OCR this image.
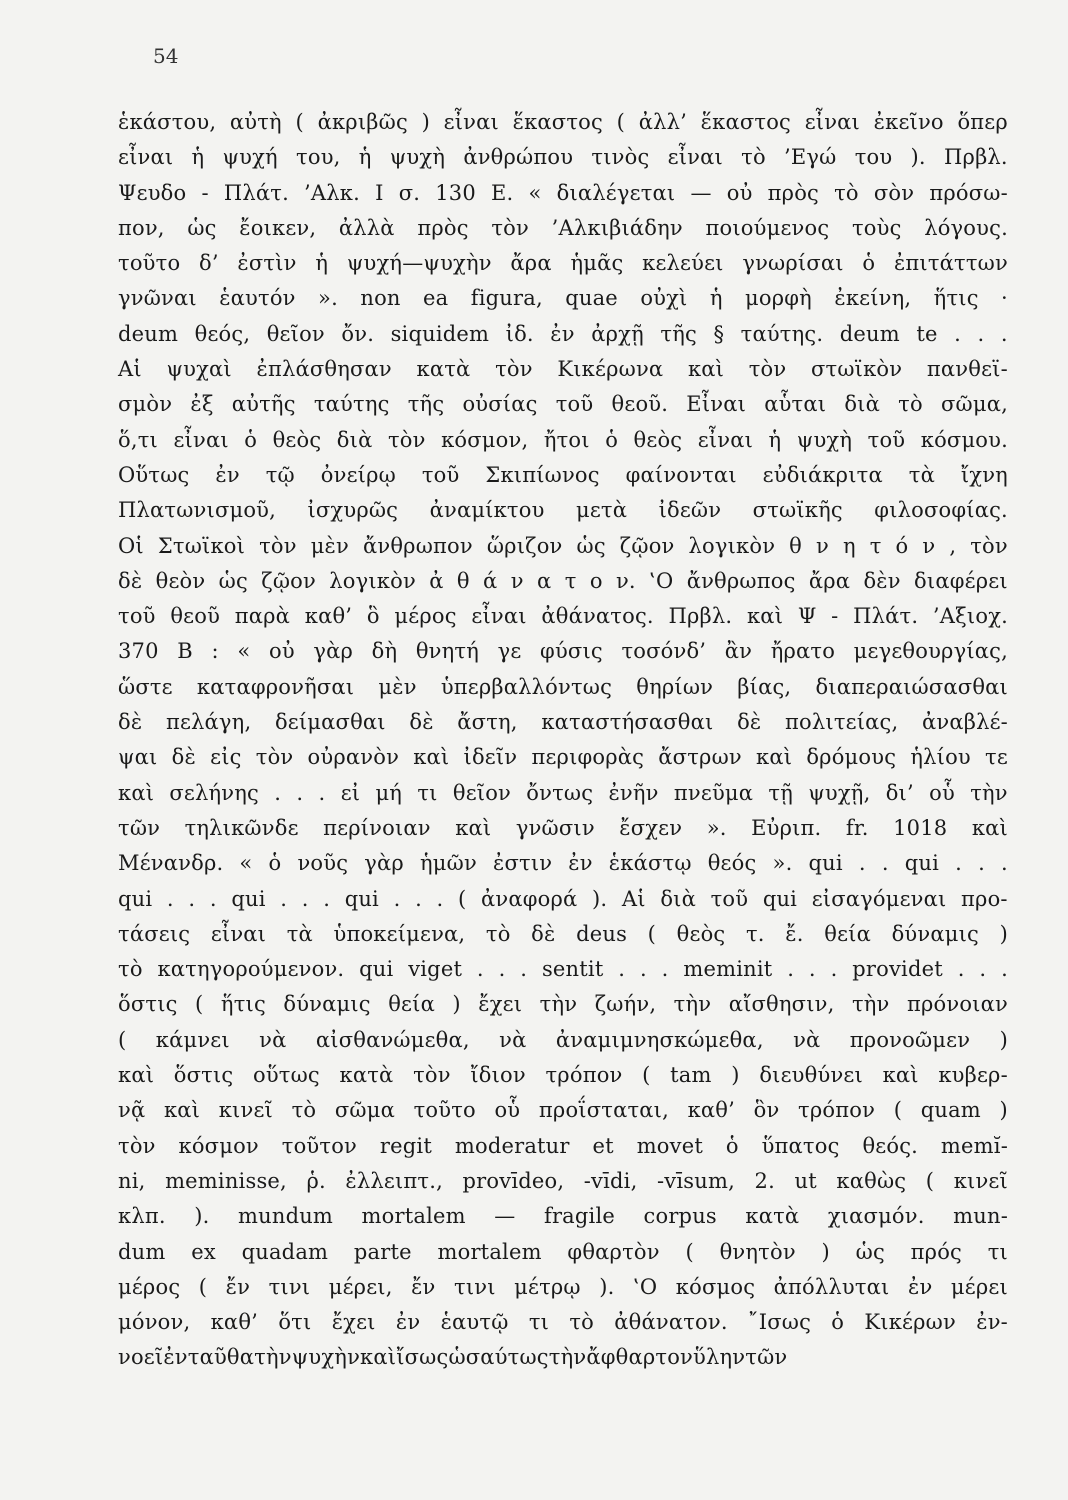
54
ἑκάστου, αὐτὴ ( ἀκριβῶς ) εἶναι ἕκαστος ( ἀλλ’ ἕκαστος εἶναι ἐκεῖνο ὅπερ
εἶναι ἡ ψυχή του, ἡ ψυχὴ ἀνθρώπου τινὸς εἶναι τὸ ’Εγώ του ). Πρβλ.
Ψευδο - Πλάτ. ’Αλκ. Ι σ. 130 Ε. « διαλέγεται — οὐ πρὸς τὸ σὸν πρόσω-
πον, ὡς ἔοικεν, ἀλλὰ πρὸς τὸν ’Αλκιβιάδην ποιούμενος τοὺς λόγους.
τοῦτο δ’ ἐστὶν ἡ ψυχή—ψυχὴν ἄρα ἡμᾶς κελεύει γνωρίσαι ὁ ἐπιτάττων
γνῶναι ἑαυτόν ». non ea figura, quae οὐχὶ ἡ μορφὴ ἐκείνη, ἥτις ·
deum θεός, θεῖον ὄν. siquidem ἰδ. ἐν ἀρχῇ τῆς § ταύτης. deum te . . .
Αἱ ψυχαὶ ἐπλάσθησαν κατὰ τὸν Κικέρωνα καὶ τὸν στωϊκὸν πανθεϊ-
σμὸν ἐξ αὐτῆς ταύτης τῆς οὐσίας τοῦ θεοῦ. Εἶναι αὗται διὰ τὸ σῶμα,
ὅ,τι εἶναι ὁ θεὸς διὰ τὸν κόσμον, ἤτοι ὁ θεὸς εἶναι ἡ ψυχὴ τοῦ κόσμου.
Οὕτως ἐν τῷ ὀνείρῳ τοῦ Σκιπίωνος φαίνονται εὐδιάκριτα τὰ ἴχνη
Πλατωνισμοῦ, ἰσχυρῶς ἀναμίκτου μετὰ ἰδεῶν στωϊκῆς φιλοσοφίας.
Οἱ Στωϊκοὶ τὸν μὲν ἄνθρωπον ὥριζον ὡς ζῷον λογικὸν θ ν η τ ό ν , τὸν
δὲ θεὸν ὡς ζῷον λογικὸν ἀ θ ά ν α τ ο ν. ‛Ο ἄνθρωπος ἄρα δὲν διαφέρει
τοῦ θεοῦ παρὰ καθ’ ὃ μέρος εἶναι ἀθάνατος. Πρβλ. καὶ Ψ - Πλάτ. ’Αξιοχ.
370 Β : « οὐ γὰρ δὴ θνητή γε φύσις τοσόνδ’ ἂν ἤρατο μεγεθουργίας,
ὥστε καταφρονῆσαι μὲν ὑπερβαλλόντως θηρίων βίας, διαπεραιώσασθαι
δὲ πελάγη, δείμασθαι δὲ ἄστη, καταστήσασθαι δὲ πολιτείας, ἀναβλέ-
ψαι δὲ εἰς τὸν οὐρανὸν καὶ ἰδεῖν περιφορὰς ἄστρων καὶ δρόμους ἡλίου τε
καὶ σελήνης . . . εἰ μή τι θεῖον ὄντως ἐνῆν πνεῦμα τῇ ψυχῇ, δι’ οὗ τὴν
τῶν τηλικῶνδε περίνοιαν καὶ γνῶσιν ἔσχεν ». Εὐριπ. fr. 1018 καὶ
Μένανδρ. « ὁ νοῦς γὰρ ἡμῶν ἐστιν ἐν ἑκάστῳ θεός ». qui . . qui . . .
qui . . . qui . . . qui . . . ( ἀναφορά ). Αἱ διὰ τοῦ qui εἰσαγόμεναι προ-
τάσεις εἶναι τὰ ὑποκείμενα, τὸ δὲ deus ( θεὸς τ. ἔ. θεία δύναμις )
τὸ κατηγορούμενον. qui viget . . . sentit . . . meminit . . . providet . . .
ὅστις ( ἥτις δύναμις θεία ) ἔχει τὴν ζωήν, τὴν αἴσθησιν, τὴν πρόνοιαν
( κάμνει νὰ αἰσθανώμεθα, νὰ ἀναμιμνησκώμεθα, νὰ προνοῶμεν )
καὶ ὅστις οὕτως κατὰ τὸν ἴδιον τρόπον ( tam ) διευθύνει καὶ κυβερ-
νᾷ καὶ κινεῖ τὸ σῶμα τοῦτο οὗ προΐσταται, καθ’ ὃν τρόπον ( quam )
τὸν κόσμον τοῦτον regit moderatur et movet ὁ ὕπατος θεός. memĭ-
ni, meminisse, ῥ. ἐλλειπτ., provīdeo, -vīdi, -vīsum, 2. ut καθὼς ( κινεῖ
κλπ. ). mundum mortalem — fragile corpus κατὰ χιασμόν. mun-
dum ex quadam parte mortalem φθαρτὸν ( θνητὸν ) ὡς πρός τι
μέρος ( ἔν τινι μέρει, ἔν τινι μέτρῳ ). ‛Ο κόσμος ἀπόλλυται ἐν μέρει
μόνον, καθ’ ὅτι ἔχει ἐν ἑαυτῷ τι τὸ ἀθάνατον. ῎Ισως ὁ Κικέρων ἐν-
νοεῖ ἐνταῦθα τὴν ψυχὴν καὶ ἴσως ὡσαύτως τὴν ἄφθαρτον ὕλην τῶν
